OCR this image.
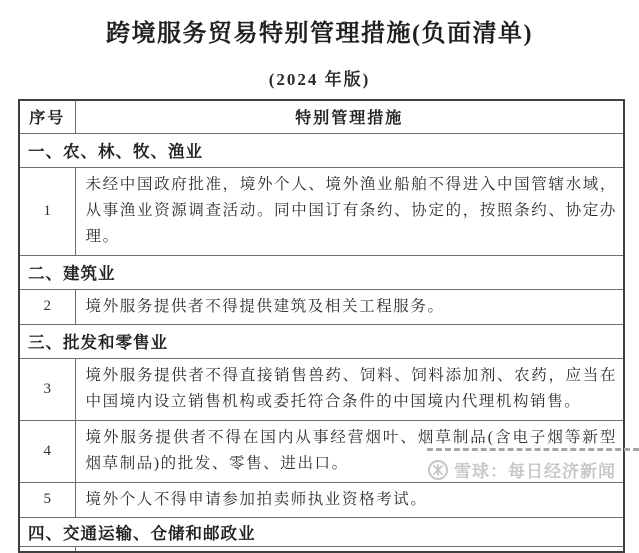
跨境服务贸易特别管理措施(负面清单)
(2024 年版)
序号	特别管理措施
一、农、林、牧、渔业	
1	未经中国政府批准，境外个人、境外渔业船舶不得进入中国管辖水域，从事渔业资源调查活动。同中国订有条约、协定的，按照条约、协定办理。
二、建筑业	
2	境外服务提供者不得提供建筑及相关工程服务。
三、批发和零售业	
3	境外服务提供者不得直接销售兽药、饲料、饲料添加剂、农药，应当在中国境内设立销售机构或委托符合条件的中国境内代理机构销售。
4	境外服务提供者不得在国内从事经营烟叶、烟草制品(含电子烟等新型烟草制品)的批发、零售、进出口。
5	境外个人不得申请参加拍卖师执业资格考试。
四、交通运输、仓储和邮政业	

雪球：每日经济新闻
